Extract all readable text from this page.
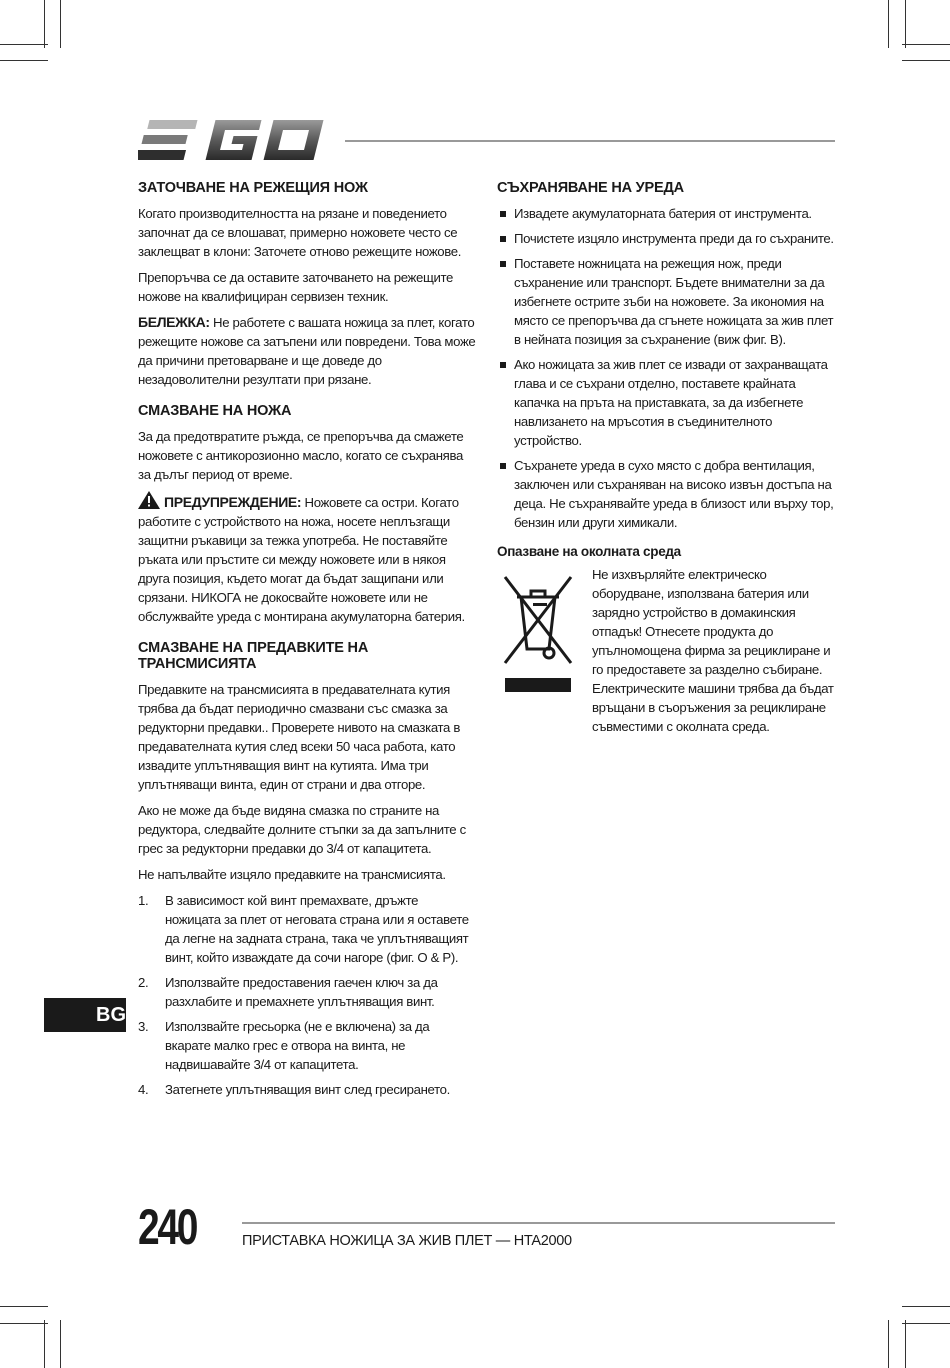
ЗАТОЧВАНЕ НА РЕЖЕЩИЯ НОЖ

Когато производителността на рязане и поведението започнат да се влошават, примерно ножовете често се заклещват в клони: Заточете отново режещите ножове.

Препоръчва се да оставите заточването на режещите ножове на квалифициран сервизен техник.

БЕЛЕЖКА: Не работете с вашата ножица за плет, когато режещите ножове са затъпени или повредени. Това може да причини претоварване и ще доведе до незадоволителни резултати при рязане.

СМАЗВАНЕ НА НОЖА

За да предотвратите ръжда, се препоръчва да смажете ножовете с антикорозионно масло, когато се съхранява за дълъг период от време.

ПРЕДУПРЕЖДЕНИЕ: Ножовете са остри. Когато работите с устройството на ножа, носете неплъзгащи защитни ръкавици за тежка употреба. Не поставяйте ръката или пръстите си между ножовете или в някоя друга позиция, където могат да бъдат защипани или срязани. НИКОГА не докосвайте ножовете или не обслужвайте уреда с монтирана акумулаторна батерия.

СМАЗВАНЕ НА ПРЕДАВКИТЕ НА ТРАНСМИСИЯТА

Предавките на трансмисията в предавателната кутия трябва да бъдат периодично смазвани със смазка за редукторни предавки.. Проверете нивото на смазката в предавателната кутия след всеки 50 часа работа, като извадите уплътняващия винт на кутията. Има три уплътняващи винта, един от страни и два отгоре.

Ако не може да бъде видяна смазка по страните на редуктора, следвайте долните стъпки за да запълните с грес за редукторни предавки до 3/4 от капацитета.

Не напълвайте изцяло предавките на трансмисията.

1. В зависимост кой винт премахвате, дръжте ножицата за плет от неговата страна или я оставете да легне на задната страна, така че уплътняващият винт, който изваждате да сочи нагоре (фиг. O & P).
2. Използвайте предоставения гаечен ключ за да разхлабите и премахнете уплътняващия винт.
3. Използвайте гресьорка (не е включена) за да вкарате малко грес е отвора на винта, не надвишавайте 3/4 от капацитета.
4. Затегнете уплътняващия винт след гресирането.
СЪХРАНЯВАНЕ НА УРЕДА
Извадете акумулаторната батерия от инструмента.
Почистете изцяло инструмента преди да го съхраните.
Поставете ножницата на режещия нож, преди съхранение или транспорт. Бъдете внимателни за да избегнете острите зъби на ножовете. За икономия на място се препоръчва да сгънете ножицата за жив плет в нейната позиция за съхранение (виж фиг. B).
Ако ножицата за жив плет се извади от захранващата глава и се съхрани отделно, поставете крайната капачка на пръта на приставката, за да избегнете навлизането на мръсотия в съединителното устройство.
Съхранете уреда в сухо място с добра вентилация, заключен или съхраняван на високо извън достъпа на деца. Не съхранявайте уреда в близост или върху тор, бензин или други химикали.
Опазване на околната среда

Не изхвърляйте електрическо оборудване, използвана батерия или зарядно устройство в домакинския отпадък! Отнесете продукта до упълномощена фирма за рециклиране и го предоставете за разделно събиране. Електрическите машини трябва да бъдат връщани в съоръжения за рециклиране съвместими с околната среда.

BG
240	ПРИСТАВКА НОЖИЦА ЗА ЖИВ ПЛЕТ — HTA2000
